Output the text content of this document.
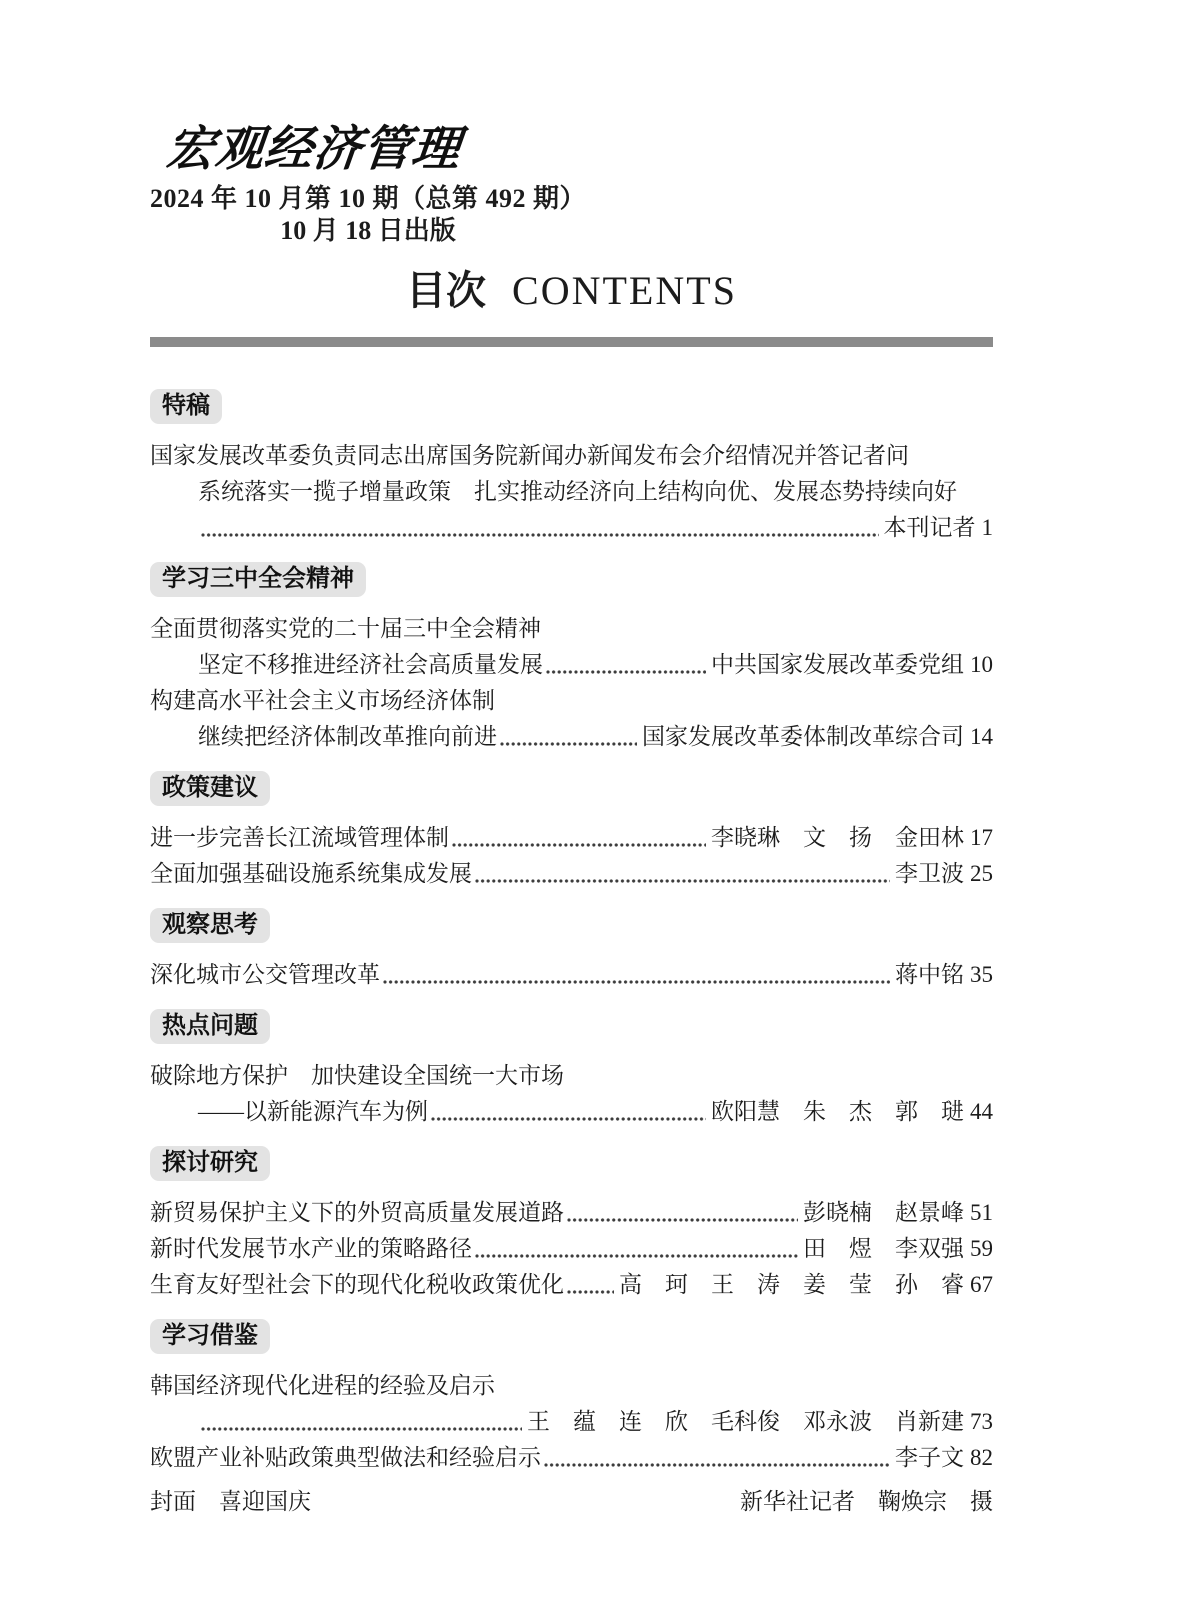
宏观经济管理
2024 年 10 月第 10 期（总第 492 期）
10 月 18 日出版
目次 CONTENTS
特稿
国家发展改革委负责同志出席国务院新闻办新闻发布会介绍情况并答记者问
系统落实一揽子增量政策　扎实推动经济向上结构向优、发展态势持续向好
本刊记者 1
学习三中全会精神
全面贯彻落实党的二十届三中全会精神
坚定不移推进经济社会高质量发展	中共国家发展改革委党组 10
构建高水平社会主义市场经济体制
继续把经济体制改革推向前进	国家发展改革委体制改革综合司 14
政策建议
进一步完善长江流域管理体制	李晓琳　文　扬　金田林 17
全面加强基础设施系统集成发展	李卫波 25
观察思考
深化城市公交管理改革	蒋中铭 35
热点问题
破除地方保护　加快建设全国统一大市场
——以新能源汽车为例	欧阳慧　朱　杰　郭　琎 44
探讨研究
新贸易保护主义下的外贸高质量发展道路	彭晓楠　赵景峰 51
新时代发展节水产业的策略路径	田　煜　李双强 59
生育友好型社会下的现代化税收政策优化 高　珂　王　涛　姜　莹　孙　睿 67
学习借鉴
韩国经济现代化进程的经验及启示
王　蕴　连　欣　毛科俊　邓永波　肖新建 73
欧盟产业补贴政策典型做法和经验启示	李子文 82
封面　喜迎国庆	新华社记者　鞠焕宗　摄
